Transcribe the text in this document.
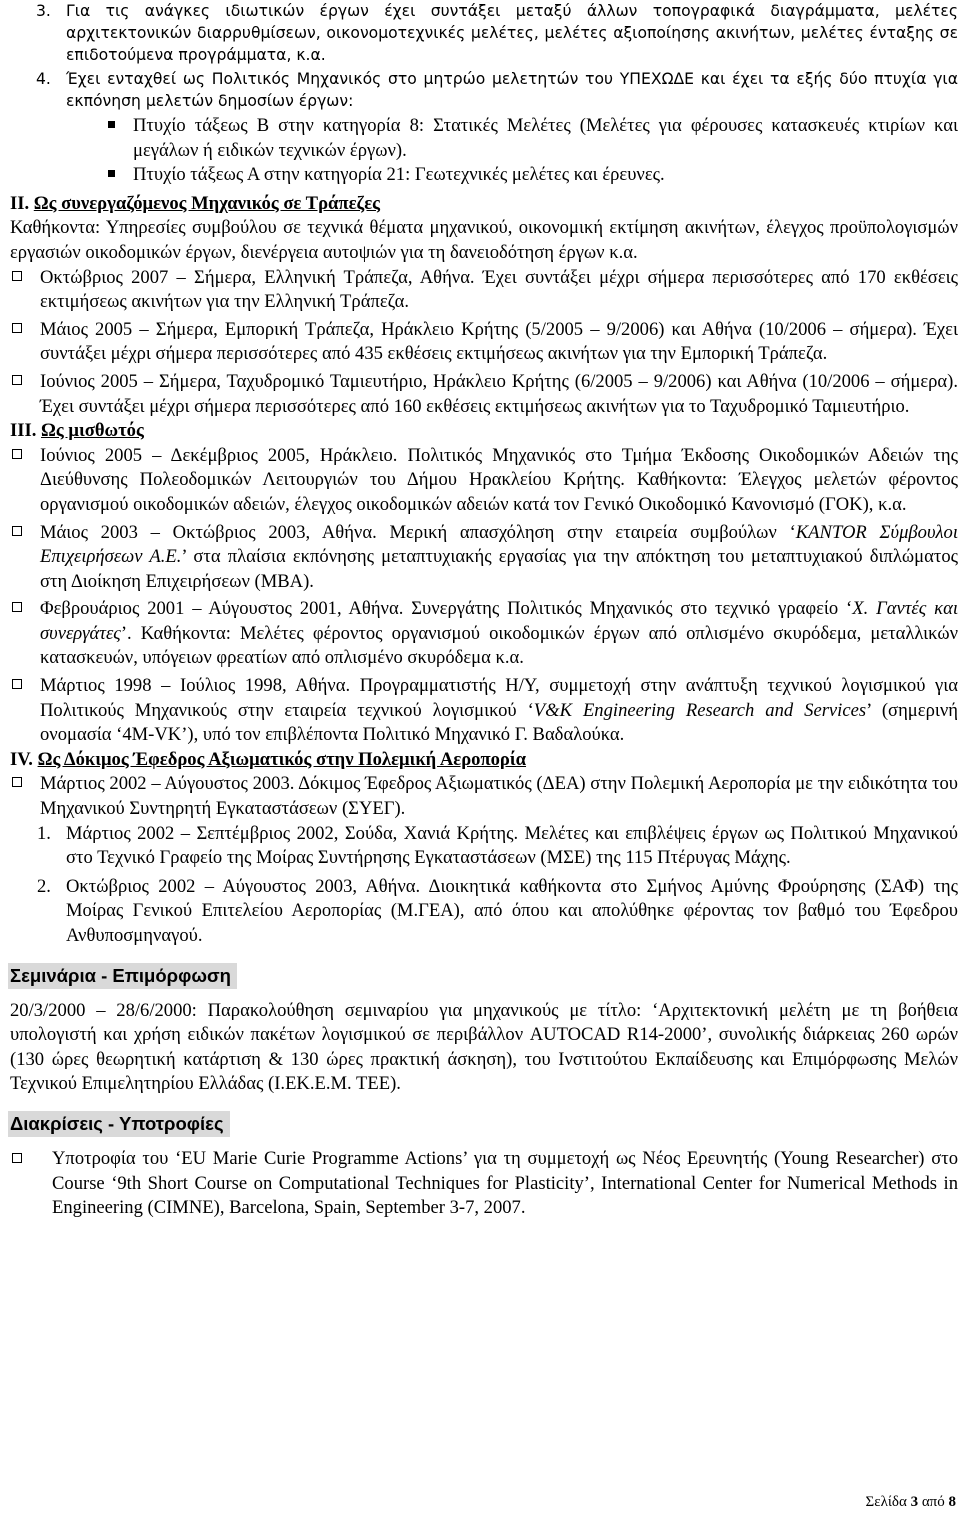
3. Για τις ανάγκες ιδιωτικών έργων έχει συντάξει μεταξύ άλλων τοπογραφικά διαγράμματα, μελέτες αρχιτεκτονικών διαρρυθμίσεων, οικονομοτεχνικές μελέτες, μελέτες αξιοποίησης ακινήτων, μελέτες ένταξης σε επιδοτούμενα προγράμματα, κ.α.

4. Έχει ενταχθεί ως Πολιτικός Μηχανικός στο μητρώο μελετητών του ΥΠΕΧΩΔΕ και έχει τα εξής δύο πτυχία για εκπόνηση μελετών δημοσίων έργων:

Πτυχίο τάξεως Β στην κατηγορία 8: Στατικές Μελέτες (Μελέτες για φέρουσες κατασκευές κτιρίων και μεγάλων ή ειδικών τεχνικών έργων).

Πτυχίο τάξεως Α στην κατηγορία 21: Γεωτεχνικές μελέτες και έρευνες.

ΙΙ. Ως συνεργαζόμενος Μηχανικός σε Τράπεζες

Καθήκοντα: Υπηρεσίες συμβούλου σε τεχνικά θέματα μηχανικού, οικονομική εκτίμηση ακινήτων, έλεγχος προϋπολογισμών εργασιών οικοδομικών έργων, διενέργεια αυτοψιών για τη δανειοδότηση έργων κ.α.

Οκτώβριος 2007 – Σήμερα, Ελληνική Τράπεζα, Αθήνα. Έχει συντάξει μέχρι σήμερα περισσότερες από 170 εκθέσεις εκτιμήσεως ακινήτων για την Ελληνική Τράπεζα.

Μάιος 2005 – Σήμερα, Εμπορική Τράπεζα, Ηράκλειο Κρήτης (5/2005 – 9/2006) και Αθήνα (10/2006 – σήμερα). Έχει συντάξει μέχρι σήμερα περισσότερες από 435 εκθέσεις εκτιμήσεως ακινήτων για την Εμπορική Τράπεζα.

Ιούνιος 2005 – Σήμερα, Ταχυδρομικό Ταμιευτήριο, Ηράκλειο Κρήτης (6/2005 – 9/2006) και Αθήνα (10/2006 – σήμερα). Έχει συντάξει μέχρι σήμερα περισσότερες από 160 εκθέσεις εκτιμήσεως ακινήτων για το Ταχυδρομικό Ταμιευτήριο.

ΙΙΙ. Ως μισθωτός

Ιούνιος 2005 – Δεκέμβριος 2005, Ηράκλειο. Πολιτικός Μηχανικός στο Τμήμα Έκδοσης Οικοδομικών Αδειών της Διεύθυνσης Πολεοδομικών Λειτουργιών του Δήμου Ηρακλείου Κρήτης. Καθήκοντα: Έλεγχος μελετών φέροντος οργανισμού οικοδομικών αδειών, έλεγχος οικοδομικών αδειών κατά τον Γενικό Οικοδομικό Κανονισμό (ΓΟΚ), κ.α.

Μάιος 2003 – Οκτώβριος 2003, Αθήνα. Μερική απασχόληση στην εταιρεία συμβούλων ‘KANTOR Σύμβουλοι Επιχειρήσεων Α.Ε.’ στα πλαίσια εκπόνησης μεταπτυχιακής εργασίας για την απόκτηση του μεταπτυχιακού διπλώματος στη Διοίκηση Επιχειρήσεων (ΜΒΑ).

Φεβρουάριος 2001 – Αύγουστος 2001, Αθήνα. Συνεργάτης Πολιτικός Μηχανικός στο τεχνικό γραφείο ‘Χ. Γαντές και συνεργάτες’. Καθήκοντα: Μελέτες φέροντος οργανισμού οικοδομικών έργων από οπλισμένο σκυρόδεμα, μεταλλικών κατασκευών, υπόγειων φρεατίων από οπλισμένο σκυρόδεμα κ.α.

Μάρτιος 1998 – Ιούλιος 1998, Αθήνα. Προγραμματιστής Η/Υ, συμμετοχή στην ανάπτυξη τεχνικού λογισμικού για Πολιτικούς Μηχανικούς στην εταιρεία τεχνικού λογισμικού ‘V&K Engineering Research and Services’ (σημερινή ονομασία ‘4M-VK’), υπό τον επιβλέποντα Πολιτικό Μηχανικό Γ. Βαδαλούκα.

IV. Ως Δόκιμος Έφεδρος Αξιωματικός στην Πολεμική Αεροπορία

Μάρτιος 2002 – Αύγουστος 2003. Δόκιμος Έφεδρος Αξιωματικός (ΔΕΑ) στην Πολεμική Αεροπορία με την ειδικότητα του Μηχανικού Συντηρητή Εγκαταστάσεων (ΣΥΕΓ).

1. Μάρτιος 2002 – Σεπτέμβριος 2002, Σούδα, Χανιά Κρήτης. Μελέτες και επιβλέψεις έργων ως Πολιτικού Μηχανικού στο Τεχνικό Γραφείο της Μοίρας Συντήρησης Εγκαταστάσεων (ΜΣΕ) της 115 Πτέρυγας Μάχης.

2. Οκτώβριος 2002 – Αύγουστος 2003, Αθήνα. Διοικητικά καθήκοντα στο Σμήνος Αμύνης Φρούρησης (ΣΑΦ) της Μοίρας Γενικού Επιτελείου Αεροπορίας (Μ.ΓΕΑ), από όπου και απολύθηκε φέροντας τον βαθμό του Έφεδρου Ανθυποσμηναγού.

Σεμινάρια - Επιμόρφωση

20/3/2000 – 28/6/2000: Παρακολούθηση σεμιναρίου για μηχανικούς με τίτλο: ‘Αρχιτεκτονική μελέτη με τη βοήθεια υπολογιστή και χρήση ειδικών πακέτων λογισμικού σε περιβάλλον AUTOCAD R14-2000’, συνολικής διάρκειας 260 ωρών (130 ώρες θεωρητική κατάρτιση & 130 ώρες πρακτική άσκηση), του Ινστιτούτου Εκπαίδευσης και Επιμόρφωσης Μελών Τεχνικού Επιμελητηρίου Ελλάδας (Ι.ΕΚ.Ε.Μ. ΤΕΕ).

Διακρίσεις - Υποτροφίες

Υποτροφία του ‘EU Marie Curie Programme Actions’ για τη συμμετοχή ως Νέος Ερευνητής (Young Researcher) στο Course ‘9th Short Course on Computational Techniques for Plasticity’, International Center for Numerical Methods in Engineering (CIMNE), Barcelona, Spain, September 3-7, 2007.

Σελίδα 3 από 8
